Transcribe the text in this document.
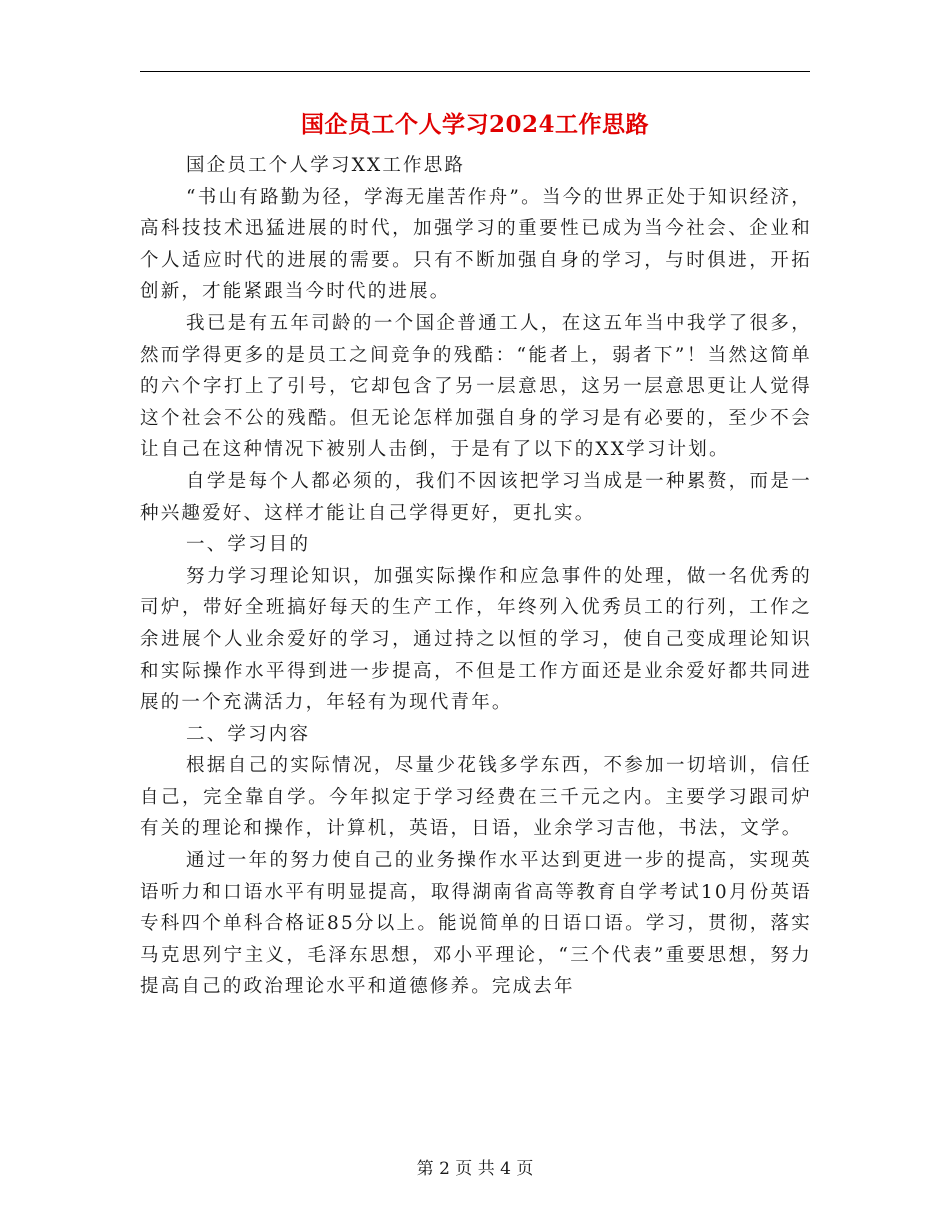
国企员工个人学习2024工作思路

国企员工个人学习XX工作思路

“书山有路勤为径，学海无崖苦作舟”。当今的世界正处于知识经济，高科技技术迅猛进展的时代，加强学习的重要性已成为当今社会、企业和个人适应时代的进展的需要。只有不断加强自身的学习，与时俱进，开拓创新，才能紧跟当今时代的进展。

我已是有五年司龄的一个国企普通工人，在这五年当中我学了很多，然而学得更多的是员工之间竞争的残酷：“能者上，弱者下”！当然这简单的六个字打上了引号，它却包含了另一层意思，这另一层意思更让人觉得这个社会不公的残酷。但无论怎样加强自身的学习是有必要的，至少不会让自己在这种情况下被别人击倒，于是有了以下的XX学习计划。

自学是每个人都必须的，我们不因该把学习当成是一种累赘，而是一种兴趣爱好、这样才能让自己学得更好，更扎实。

一、学习目的

努力学习理论知识，加强实际操作和应急事件的处理，做一名优秀的司炉，带好全班搞好每天的生产工作，年终列入优秀员工的行列，工作之余进展个人业余爱好的学习，通过持之以恒的学习，使自己变成理论知识和实际操作水平得到进一步提高，不但是工作方面还是业余爱好都共同进展的一个充满活力，年轻有为现代青年。

二、学习内容

根据自己的实际情况，尽量少花钱多学东西，不参加一切培训，信任自己，完全靠自学。今年拟定于学习经费在三千元之内。主要学习跟司炉有关的理论和操作，计算机，英语，日语，业余学习吉他，书法，文学。

通过一年的努力使自己的业务操作水平达到更进一步的提高，实现英语听力和口语水平有明显提高，取得湖南省高等教育自学考试10月份英语专科四个单科合格证85分以上。能说简单的日语口语。学习，贯彻，落实马克思列宁主义，毛泽东思想，邓小平理论，“三个代表”重要思想，努力提高自己的政治理论水平和道德修养。完成去年

第 2 页 共 4 页
